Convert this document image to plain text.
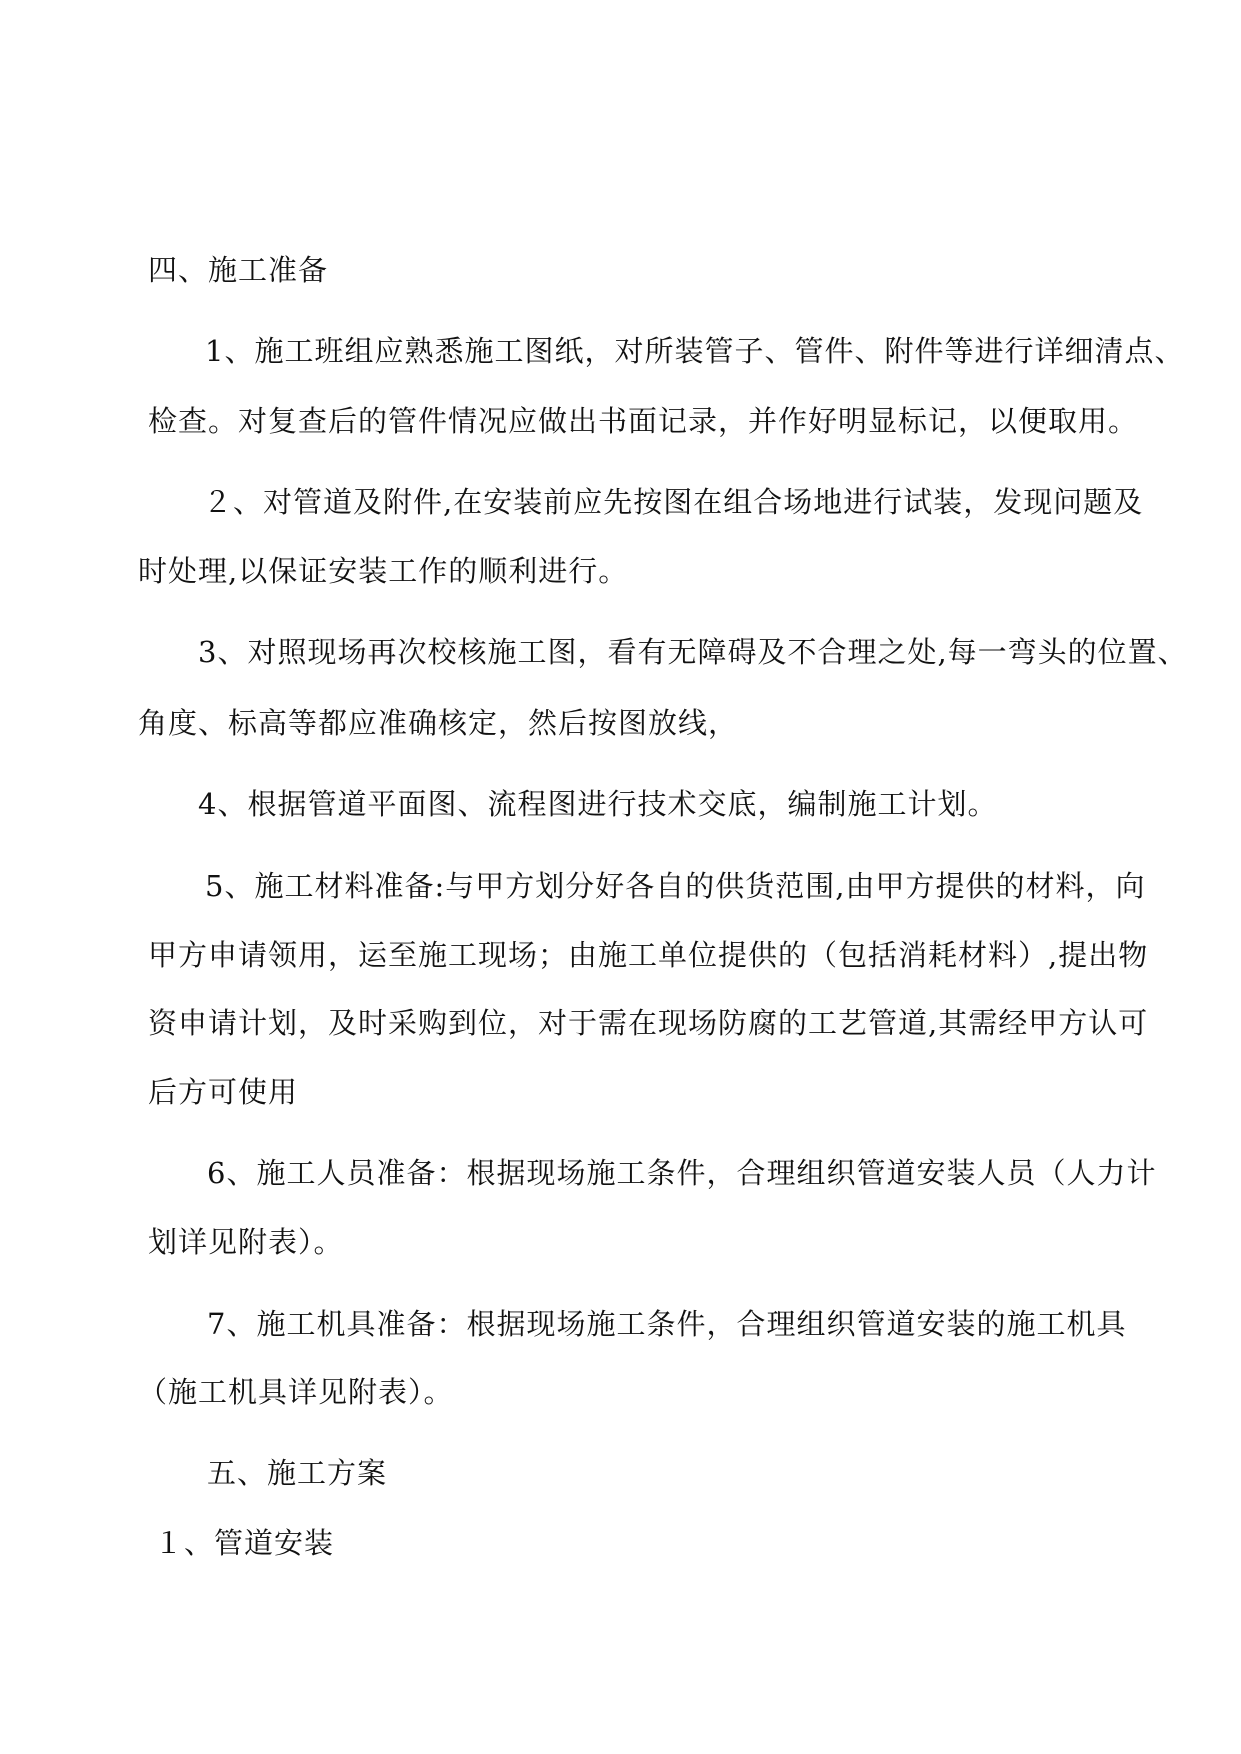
四、施工准备
1、施工班组应熟悉施工图纸，对所装管子、管件、附件等进行详细清点、
检查。对复查后的管件情况应做出书面记录，并作好明显标记，以便取用。
２、对管道及附件,在安装前应先按图在组合场地进行试装，发现问题及
时处理,以保证安装工作的顺利进行。
3、对照现场再次校核施工图，看有无障碍及不合理之处,每一弯头的位置、
角度、标高等都应准确核定，然后按图放线，
4、根据管道平面图、流程图进行技术交底，编制施工计划。
5、施工材料准备:与甲方划分好各自的供货范围,由甲方提供的材料，向
甲方申请领用，运至施工现场；由施工单位提供的（包括消耗材料）,提出物
资申请计划，及时采购到位，对于需在现场防腐的工艺管道,其需经甲方认可
后方可使用
6、施工人员准备：根据现场施工条件，合理组织管道安装人员（人力计
划详见附表）。
7、施工机具准备：根据现场施工条件，合理组织管道安装的施工机具
（施工机具详见附表）。
五、施工方案
１、管道安装
